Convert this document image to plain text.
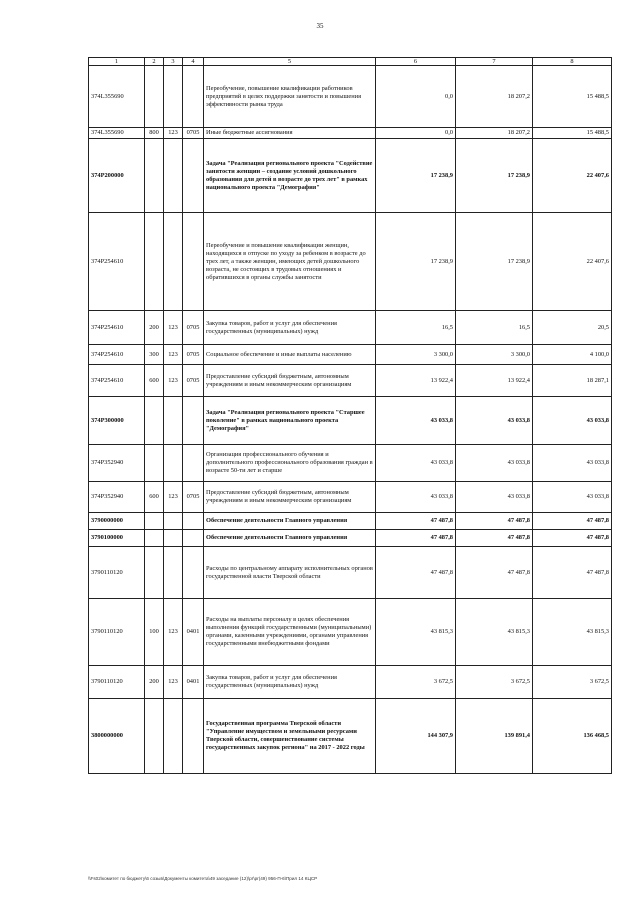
35
1	2	3	4	5	6	7	8
374L355690				Переобучение, повышение квалификации работников предприятий в целях поддержки занятости и повышения эффективности рынка труда	0,0	18 207,2	15 488,5
374L355690	800	123	0705	Иные бюджетные ассигнования	0,0	18 207,2	15 488,5
374P200000				Задача "Реализация регионального проекта "Содействие занятости женщин – создание условий дошкольного образования для детей в возрасте до трех лет" в рамках национального проекта "Демография"	17 238,9	17 238,9	22 407,6
374P254610				Переобучение и повышение квалификации женщин, находящихся в отпуске по уходу за ребенком в возрасте до трех лет, а также женщин, имеющих детей дошкольного возраста, не состоящих в трудовых отношениях и обратившихся в органы службы занятости	17 238,9	17 238,9	22 407,6
374P254610	200	123	0705	Закупка товаров, работ и услуг для обеспечения государственных (муниципальных) нужд	16,5	16,5	20,5
374P254610	300	123	0705	Социальное обеспечение и иные выплаты населению	3 300,0	3 300,0	4 100,0
374P254610	600	123	0705	Предоставление субсидий бюджетным, автономным учреждениям и иным некоммерческим организациям	13 922,4	13 922,4	18 287,1
374P300000				Задача "Реализация регионального проекта "Старшее поколение" в рамках национального проекта "Демография"	43 033,8	43 033,8	43 033,8
374P352940				Организация профессионального обучения и дополнительного профессионального образования граждан в возрасте 50-ти лет и старше	43 033,8	43 033,8	43 033,8
374P352940	600	123	0705	Предоставление субсидий бюджетным, автономным учреждениям и иным некоммерческим организациям	43 033,8	43 033,8	43 033,8
3790000000				Обеспечение деятельности Главного управления	47 487,8	47 487,8	47 487,8
3790100000				Обеспечение деятельности Главного управления	47 487,8	47 487,8	47 487,8
3790110120				Расходы по центральному аппарату исполнительных органов государственной власти Тверской области	47 487,8	47 487,8	47 487,8
3790110120	100	123	0401	Расходы на выплаты персоналу в целях обеспечения выполнения функций государственными (муниципальными) органами, казенными учреждениями, органами управления государственными внебюджетными фондами	43 815,3	43 815,3	43 815,3
3790110120	200	123	0401	Закупка товаров, работ и услуг для обеспечения государственных (муниципальных) нужд	3 672,5	3 672,5	3 672,5
3800000000				Государственная программа Тверской области "Управление имуществом и земельными ресурсами Тверской области, совершенствование системы государственных закупок региона" на 2017 - 2022 годы	144 307,9	139 891,4	136 468,5
\\Fs02\комитет по бюджету\6 созыв\Документы комитета\49 заседание (12)\pr\pr(49) 956-П-6\Прил 14 КЦСР
